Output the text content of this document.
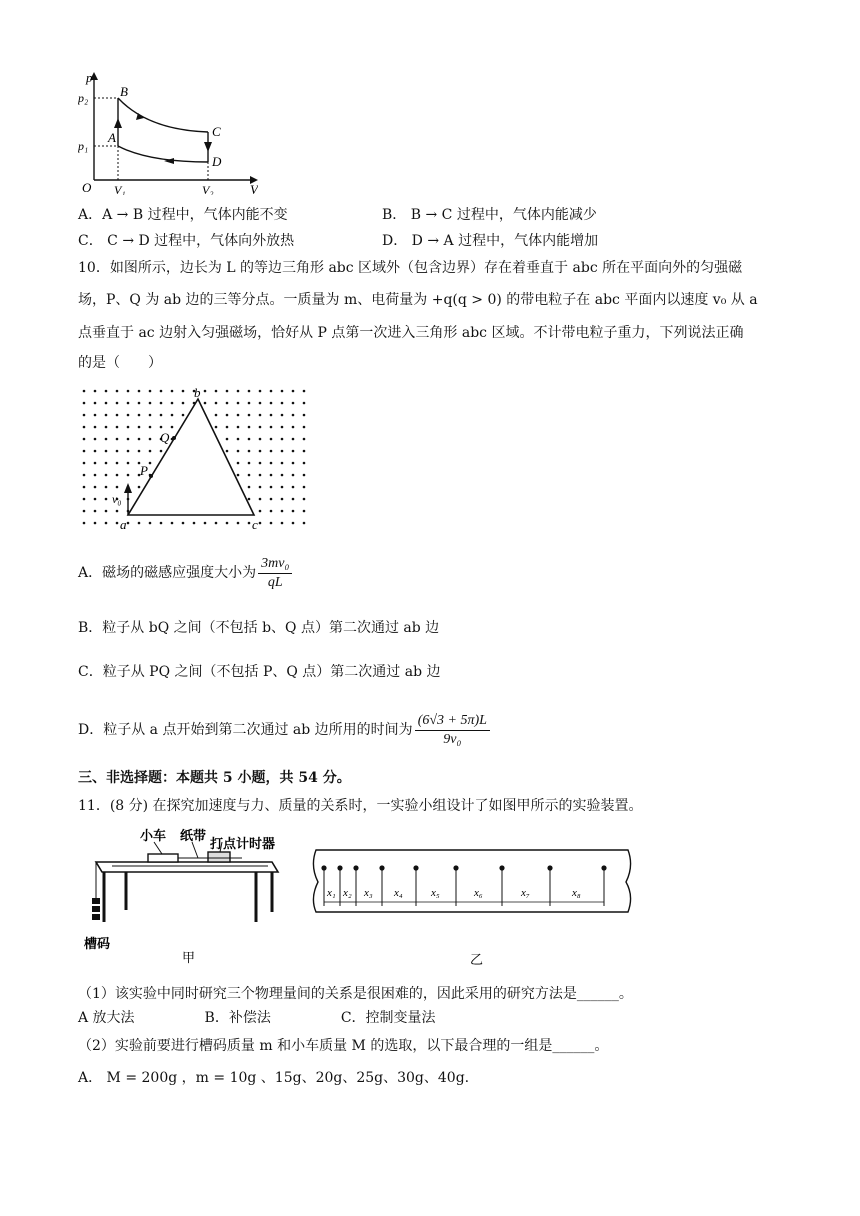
p
V
O
p₂
p₁
V₁	V₂
B
A	C
D
A．A → B 过程中，气体内能不变	B． B → C 过程中，气体内能减少
C． C → D 过程中，气体向外放热	D． D → A 过程中，气体内能增加
10．如图所示，边长为 L 的等边三角形 abc 区域外（包含边界）存在着垂直于 abc 所在平面向外的匀强磁
场，P、Q 为 ab 边的三等分点。一质量为 m、电荷量为 +q(q > 0) 的带电粒子在 abc 平面内以速度 v₀ 从 a
点垂直于 ac 边射入匀强磁场，恰好从 P 点第一次进入三角形 abc 区域。不计带电粒子重力，下列说法正确
的是（　　）
a
b
c
P
Q
v₀
A．磁场的磁感应强度大小为 $\frac{\text{3mv₀}}{qL}$
B．粒子从 bQ 之间（不包括 b、Q 点）第二次通过 ab 边
C．粒子从 PQ 之间（不包括 P、Q 点）第二次通过 ab 边
D．粒子从 a 点开始到第二次通过 ab 边所用的时间为 $\frac{(6√3 + 5\pi)L}{\text{9v₀}}$
三、非选择题：本题共 5 小题，共 54 分。
11．(8 分) 在探究加速度与力、质量的关系时，一实验小组设计了如图甲所示的实验装置。
小车 纸带
打点计时器
槽码
甲
x₁ x₂ x₃ x₄	x₅	x₆	x₇	x₈
乙
（1）该实验中同时研究三个物理量间的关系是很困难的，因此采用的研究方法是______。
A 放大法　　　　　B．补偿法　　　　　C．控制变量法
（2）实验前要进行槽码质量 m 和小车质量 M 的选取，以下最合理的一组是______。
A． M = 200g ，m = 10g 、15g、20g、25g、30g、40g.
